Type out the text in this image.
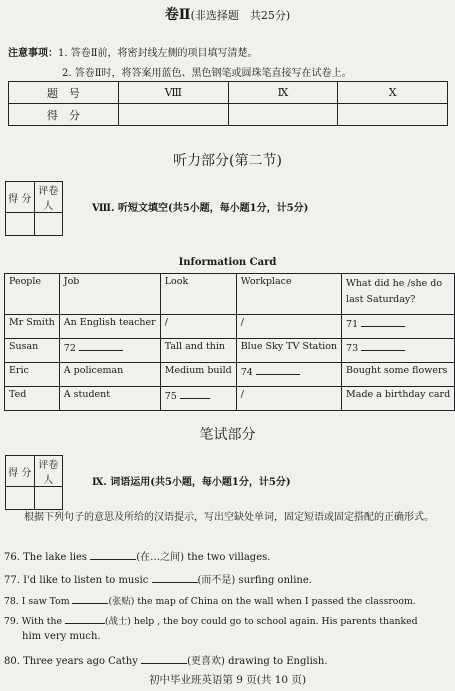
卷Ⅱ(非选择题　共25分)
注意事项：1. 答卷Ⅱ前，将密封线左侧的项目填写清楚。
2. 答卷Ⅱ时，将答案用蓝色、黑色钢笔或圆珠笔直接写在试卷上。
题　号	Ⅷ	Ⅸ	Ⅹ
得　分			
听力部分(第二节)
得 分	评卷人
		Ⅷ. 听短文填空(共5小题，每小题1分，计5分)
Information Card
People	Job	Look	Workplace	What did he /she do last Saturday?
Mr Smith	An English teacher	/	/	71
Susan	72	Tall and thin	Blue Sky TV Station	73
Eric	A policeman	Medium build	74	Bought some flowers
Ted	A student	75	/	Made a birthday card
笔试部分
得 分	评卷人
		Ⅸ. 词语运用(共5小题，每小题1分，计5分)
根据下列句子的意思及所给的汉语提示，写出空缺处单词，固定短语或固定搭配的正确形式。
76. The lake lies	(在…之间) the two villages.
77. I'd like to listen to music	(而不是) surfing online.
78. I saw Tom	(张贴) the map of China on the wall when I passed the classroom.
79. With the	(战士) help , the boy could go to school again. His parents thanked
him very much.
80. Three years ago Cathy	(更喜欢) drawing to English.
初中毕业班英语第 9 页(共 10 页)
